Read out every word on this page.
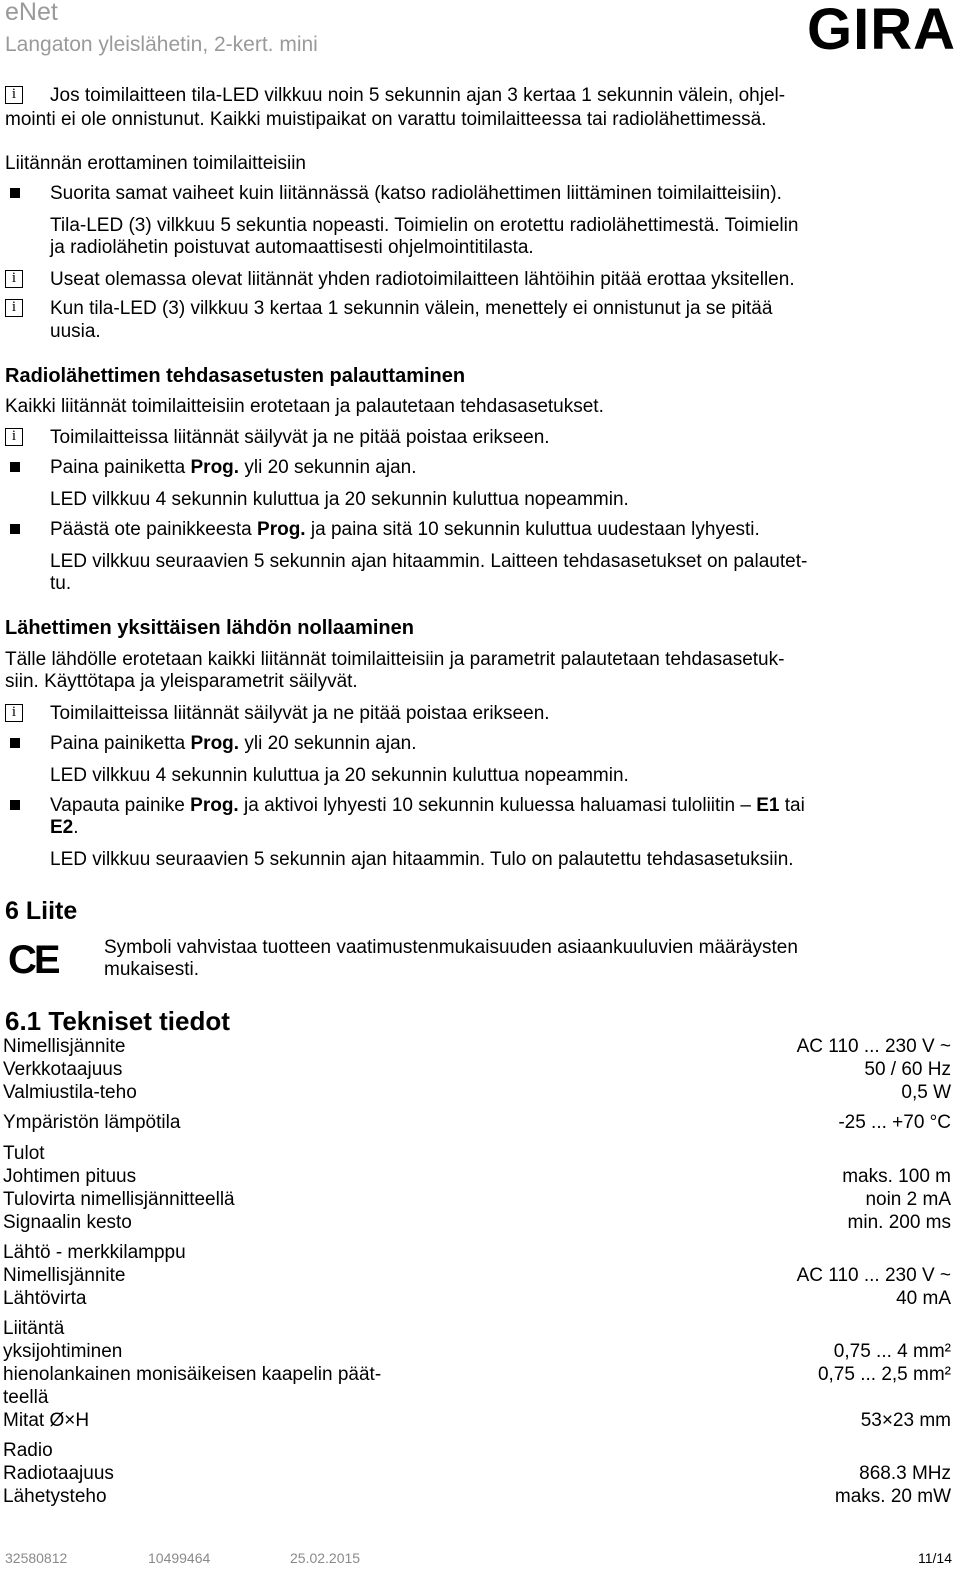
eNet
Langaton yleislähetin, 2-kert. mini	GIRA
i	Jos toimilaitteen tila-LED vilkkuu noin 5 sekunnin ajan 3 kertaa 1 sekunnin välein, ohjel-
mointi ei ole onnistunut. Kaikki muistipaikat on varattu toimilaitteessa tai radiolähettimessä.
Liitännän erottaminen toimilaitteisiin
Suorita samat vaiheet kuin liitännässä (katso radiolähettimen liittäminen toimilaitteisiin).
Tila-LED (3) vilkkuu 5 sekuntia nopeasti. Toimielin on erotettu radiolähettimestä. Toimielin
ja radiolähetin poistuvat automaattisesti ohjelmointitilasta.
i	Useat olemassa olevat liitännät yhden radiotoimilaitteen lähtöihin pitää erottaa yksitellen.
i	Kun tila-LED (3) vilkkuu 3 kertaa 1 sekunnin välein, menettely ei onnistunut ja se pitää
uusia.
Radiolähettimen tehdasasetusten palauttaminen
Kaikki liitännät toimilaitteisiin erotetaan ja palautetaan tehdasasetukset.
i	Toimilaitteissa liitännät säilyvät ja ne pitää poistaa erikseen.
Paina painiketta Prog. yli 20 sekunnin ajan.
LED vilkkuu 4 sekunnin kuluttua ja 20 sekunnin kuluttua nopeammin.
Päästä ote painikkeesta Prog. ja paina sitä 10 sekunnin kuluttua uudestaan lyhyesti.
LED vilkkuu seuraavien 5 sekunnin ajan hitaammin. Laitteen tehdasasetukset on palautet-
tu.
Lähettimen yksittäisen lähdön nollaaminen
Tälle lähdölle erotetaan kaikki liitännät toimilaitteisiin ja parametrit palautetaan tehdasasetuk-
siin. Käyttötapa ja yleisparametrit säilyvät.
i	Toimilaitteissa liitännät säilyvät ja ne pitää poistaa erikseen.
Paina painiketta Prog. yli 20 sekunnin ajan.
LED vilkkuu 4 sekunnin kuluttua ja 20 sekunnin kuluttua nopeammin.
Vapauta painike Prog. ja aktivoi lyhyesti 10 sekunnin kuluessa haluamasi tuloliitin – E1 tai
E2.
LED vilkkuu seuraavien 5 sekunnin ajan hitaammin. Tulo on palautettu tehdasasetuksiin.
6 Liite
CE Symboli vahvistaa tuotteen vaatimustenmukaisuuden asiaankuuluvien määräysten
mukaisesti.
6.1 Tekniset tiedot
Nimellisjännite	AC 110 ... 230 V ~
Verkkotaajuus	50 / 60 Hz
Valmiustila-teho	0,5 W
Ympäristön lämpötila	-25 ... +70 °C
Tulot
Johtimen pituus	maks. 100 m
Tulovirta nimellisjännitteellä	noin 2 mA
Signaalin kesto	min. 200 ms
Lähtö - merkkilamppu
Nimellisjännite	AC 110 ... 230 V ~
Lähtövirta	40 mA
Liitäntä
yksijohtiminen	0,75 ... 4 mm²
hienolankainen monisäikeisen kaapelin päät-	0,75 ... 2,5 mm²
teellä
Mitat Ø×H	53×23 mm
Radio
Radiotaajuus	868.3 MHz
Lähetysteho	maks. 20 mW
32580812	10499464	25.02.2015	11/14
